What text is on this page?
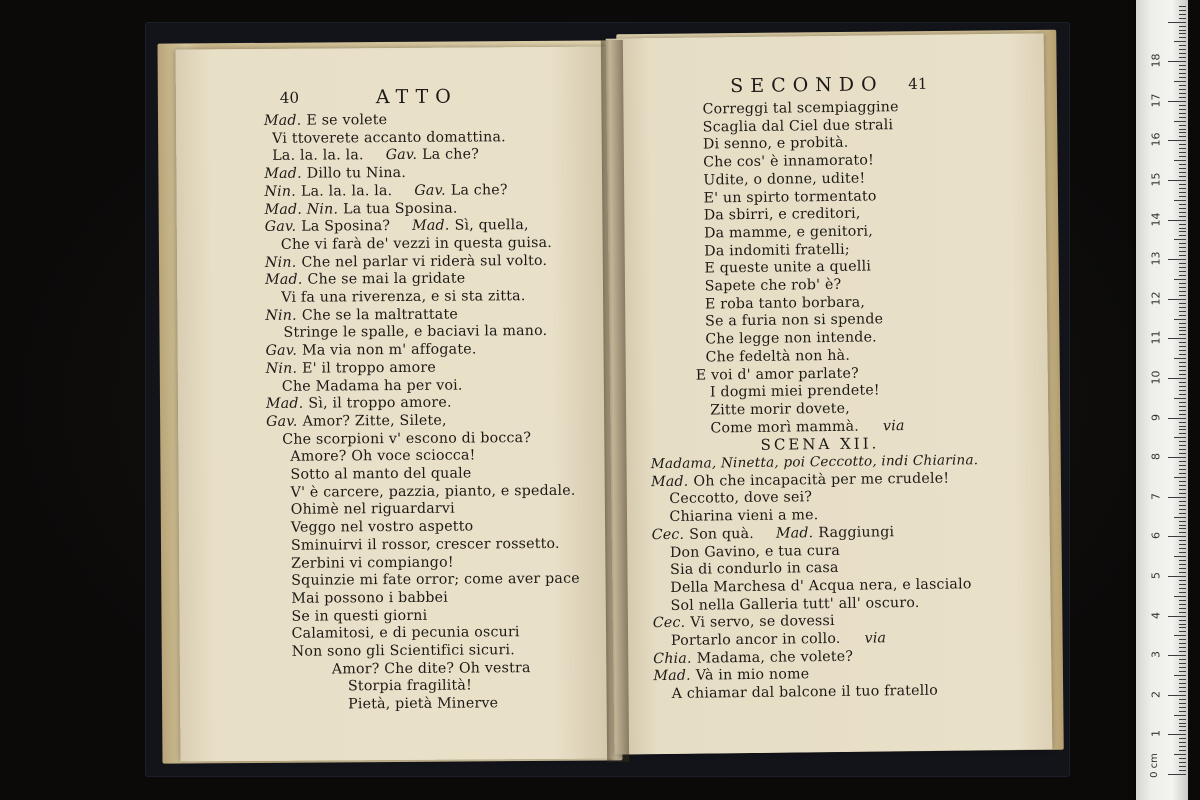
40	ATTO
Mad. E se volete
Vi ttoverete accanto domattina.
La. la. la. la. Gav. La che?
Mad. Dillo tu Nina.
Nin. La. la. la. la. Gav. La che?
Mad. Nin. La tua Sposina.
Gav. La Sposina? Mad. Sì, quella,
Che vi farà de' vezzi in questa guisa.
Nin. Che nel parlar vi riderà sul volto.
Mad. Che se mai la gridate
Vi fa una riverenza, e si sta zitta.
Nin. Che se la maltrattate
Stringe le spalle, e baciavi la mano.
Gav. Ma via non m' affogate.
Nin. E' il troppo amore
Che Madama ha per voi.
Mad. Sì, il troppo amore.
Gav. Amor? Zitte, Silete,
Che scorpioni v' escono di bocca?
Amore? Oh voce sciocca!
Sotto al manto del quale
V' è carcere, pazzia, pianto, e spedale.
Ohimè nel riguardarvi
Veggo nel vostro aspetto
Sminuirvi il rossor, crescer rossetto.
Zerbini vi compiango!
Squinzie mi fate orror; come aver pace
Mai possono i babbei
Se in questi giorni
Calamitosi, e di pecunia oscuri
Non sono gli Scientifici sicuri.
Amor? Che dite? Oh vestra
Storpia fragilità!
Pietà, pietà Minerve
SECONDO 41
Correggi tal scempiaggine
Scaglia dal Ciel due strali
Di senno, e probità.
Che cos' è innamorato!
Udite, o donne, udite!
E' un spirto tormentato
Da sbirri, e creditori,
Da mamme, e genitori,
Da indomiti fratelli;
E queste unite a quelli
Sapete che rob' è?
E roba tanto borbara,
Se a furia non si spende
Che legge non intende.
Che fedeltà non hà.
E voi d' amor parlate?
I dogmi miei prendete!
Zitte morir dovete,
Come morì mammà. via
SCENA XII.
Madama, Ninetta, poi Ceccotto, indi Chiarina.
Mad. Oh che incapacità per me crudele!
Ceccotto, dove sei?
Chiarina vieni a me.
Cec. Son quà. Mad. Raggiungi
Don Gavino, e tua cura
Sia di condurlo in casa
Della Marchesa d' Acqua nera, e lascialo
Sol nella Galleria tutt' all' oscuro.
Cec. Vi servo, se dovessi
Portarlo ancor in collo. via
Chia. Madama, che volete?
Mad. Và in mio nome
A chiamar dal balcone il tuo fratello
0 cm
18
17
16
15
14
13
12
11
10
9
8
7
6
5
4
3
2
1
